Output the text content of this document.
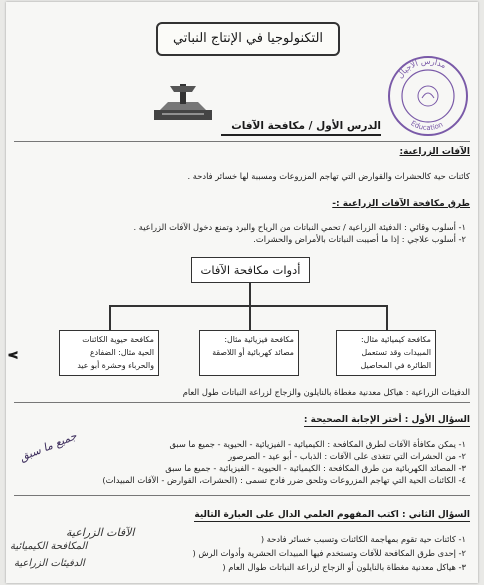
التكنولوجيا في الإنتاج النباتي
مدارس الأجيال
Education
الدرس الأول / مكافحة الآفات
الآفات الزراعية:
كائنات حية كالحشرات والقوارض التي تهاجم المزروعات ومسببة لها خسائر فادحة .
طرق مكافحة الآفات الزراعية :-
١- أسلوب وقائي : الدفيئة الزراعية / تحمي النباتات من الرياح والبرد وتمنع دخول الآفات الزراعية .
٢- أسلوب علاجي : إذا ما أصيبت النباتات بالأمراض والحشرات.
أدوات مكافحة الآفات
مكافحة كيميائية مثال: المبيدات وقد تستعمل الطائرة في المحاصيل
مكافحة فيزيائية مثال: مصائد كهربائية أو اللاصقة
مكافحة حيوية الكائنات الحية مثال: الضفادع والحرباء وحشرة أبو عيد
٧
الدفيئات الزراعية : هياكل معدنية مغطاة بالنايلون والزجاج لزراعة النباتات طول العام
السؤال الأول : أختر الإجابة الصحيحة :
١- يمكن مكافأة الآفات لطرق المكافحة : الكيميائية - الفيزيائية - الحيوية - جميع ما سبق
٢- من الحشرات التي تتغذى على الآفات : الذباب - أبو عيد - الصرصور
٣- المصائد الكهربائية من طرق المكافحة : الكيميائية - الحيوية - الفيزيائية - جميع ما سبق
٤- الكائنات الحية التي تهاجم المزروعات وتلحق ضرر فادح تسمى : (الحشرات، القوارض - الآفات المبيدات)
جميع ما سبق
السؤال الثاني : اكتب المفهوم العلمي الدال على العبارة التالية
١- كائنات حية تقوم بمهاجمة الكائنات وتسبب خسائر فادحة (
٢- إحدى طرق المكافحة للآفات وتستخدم فيها المبيدات الحشرية وأدوات الرش (
٣- هياكل معدنية مغطاة بالنايلون أو الزجاج لزراعة النباتات طوال العام (
الآفات الزراعية
المكافحة الكيميائية
الدفيئات الزراعية
